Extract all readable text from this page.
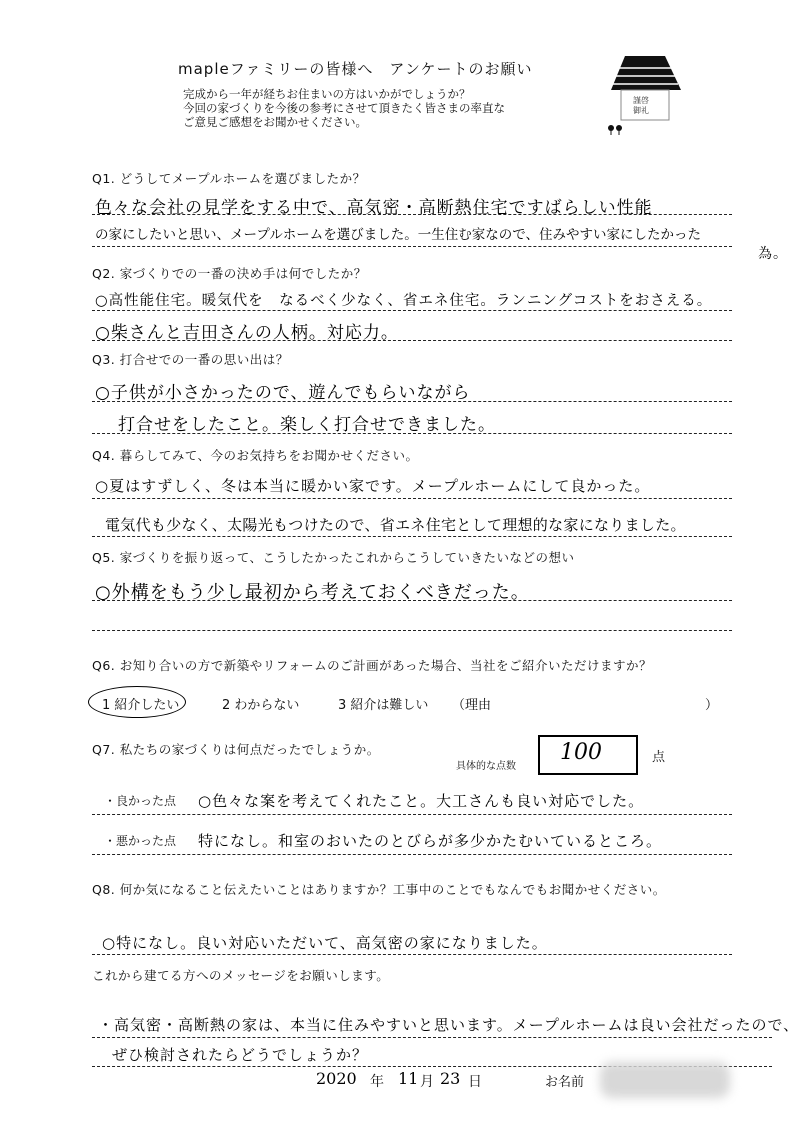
mapleファミリーの皆様へ　アンケートのお願い
完成から一年が経ちお住まいの方はいかがでしょうか？
今回の家づくりを今後の参考にさせて頂きたく皆さまの率直な
ご意見ご感想をお聞かせください。
謹啓
御礼
Q1. どうしてメープルホームを選びましたか？
色々な会社の見学をする中で、高気密・高断熱住宅ですばらしい性能
の家にしたいと思い、メープルホームを選びました。一生住む家なので、住みやすい家にしたかった
為。
Q2. 家づくりでの一番の決め手は何でしたか？
○高性能住宅。暖気代を　なるべく少なく、省エネ住宅。ランニングコストをおさえる。
○柴さんと吉田さんの人柄。対応力。
Q3. 打合せでの一番の思い出は？
○子供が小さかったので、遊んでもらいながら
打合せをしたこと。楽しく打合せできました。
Q4. 暮らしてみて、今のお気持ちをお聞かせください。
○夏はすずしく、冬は本当に暖かい家です。メープルホームにして良かった。
電気代も少なく、太陽光もつけたので、省エネ住宅として理想的な家になりました。
Q5. 家づくりを振り返って、こうしたかったこれからこうしていきたいなどの想い
○外構をもう少し最初から考えておくべきだった。
Q6. お知り合いの方で新築やリフォームのご計画があった場合、当社をご紹介いただけますか？
1 紹介したい	2 わからない	3 紹介は難しい （理由	）
Q7. 私たちの家づくりは何点だったでしょうか。
具体的な点数
100	点
・良かった点 ○色々な案を考えてくれたこと。大工さんも良い対応でした。
・悪かった点 特になし。和室のおいたのとびらが多少かたむいているところ。
Q8. 何か気になること伝えたいことはありますか？工事中のことでもなんでもお聞かせください。
○特になし。良い対応いただいて、高気密の家になりました。
これから建てる方へのメッセージをお願いします。
・高気密・高断熱の家は、本当に住みやすいと思います。メープルホームは良い会社だったので、
ぜひ検討されたらどうでしょうか？
2020 年 11 月 23 日	お名前
